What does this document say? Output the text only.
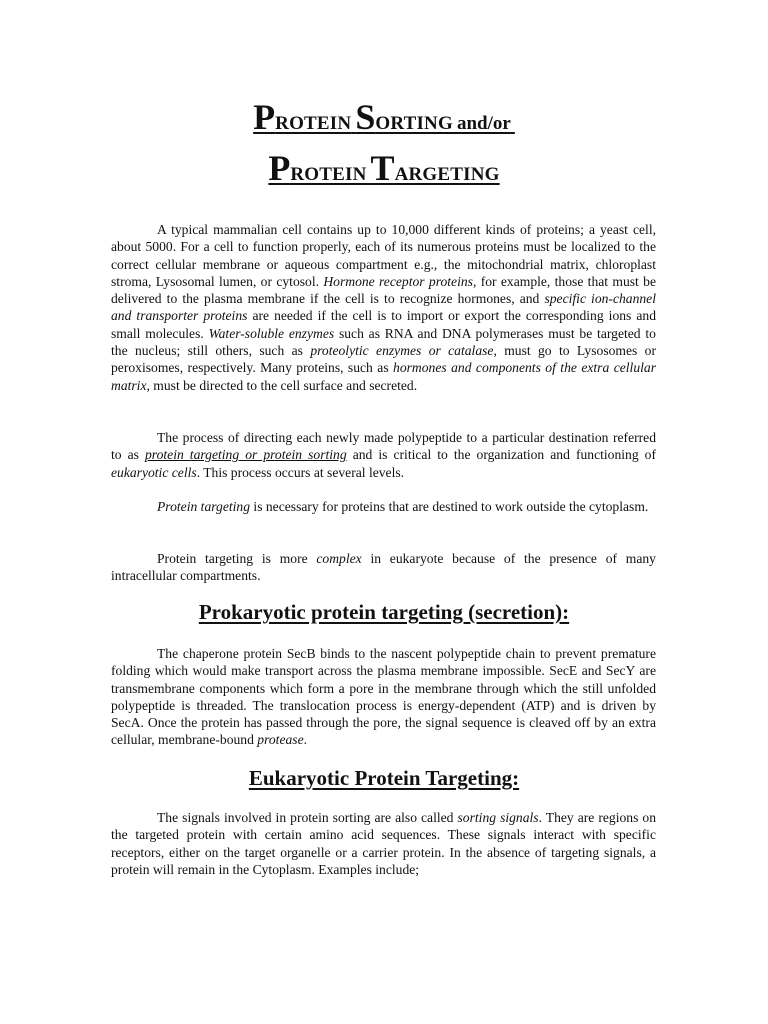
PROTEIN SORTING and/or
PROTEIN TARGETING
A typical mammalian cell contains up to 10,000 different kinds of proteins; a yeast cell, about 5000. For a cell to function properly, each of its numerous proteins must be localized to the correct cellular membrane or aqueous compartment e.g., the mitochondrial matrix, chloroplast stroma, Lysosomal lumen, or cytosol. Hormone receptor proteins, for example, those that must be delivered to the plasma membrane if the cell is to recognize hormones, and specific ion-channel and transporter proteins are needed if the cell is to import or export the corresponding ions and small molecules. Water-soluble enzymes such as RNA and DNA polymerases must be targeted to the nucleus; still others, such as proteolytic enzymes or catalase, must go to Lysosomes or peroxisomes, respectively. Many proteins, such as hormones and components of the extra cellular matrix, must be directed to the cell surface and secreted.
The process of directing each newly made polypeptide to a particular destination referred to as protein targeting or protein sorting and is critical to the organization and functioning of eukaryotic cells. This process occurs at several levels.
Protein targeting is necessary for proteins that are destined to work outside the cytoplasm.
Protein targeting is more complex in eukaryote because of the presence of many intracellular compartments.
Prokaryotic protein targeting (secretion):
The chaperone protein SecB binds to the nascent polypeptide chain to prevent premature folding which would make transport across the plasma membrane impossible. SecE and SecY are transmembrane components which form a pore in the membrane through which the still unfolded polypeptide is threaded. The translocation process is energy-dependent (ATP) and is driven by SecA. Once the protein has passed through the pore, the signal sequence is cleaved off by an extra cellular, membrane-bound protease.
Eukaryotic Protein Targeting:
The signals involved in protein sorting are also called sorting signals. They are regions on the targeted protein with certain amino acid sequences. These signals interact with specific receptors, either on the target organelle or a carrier protein. In the absence of targeting signals, a protein will remain in the Cytoplasm. Examples include;
